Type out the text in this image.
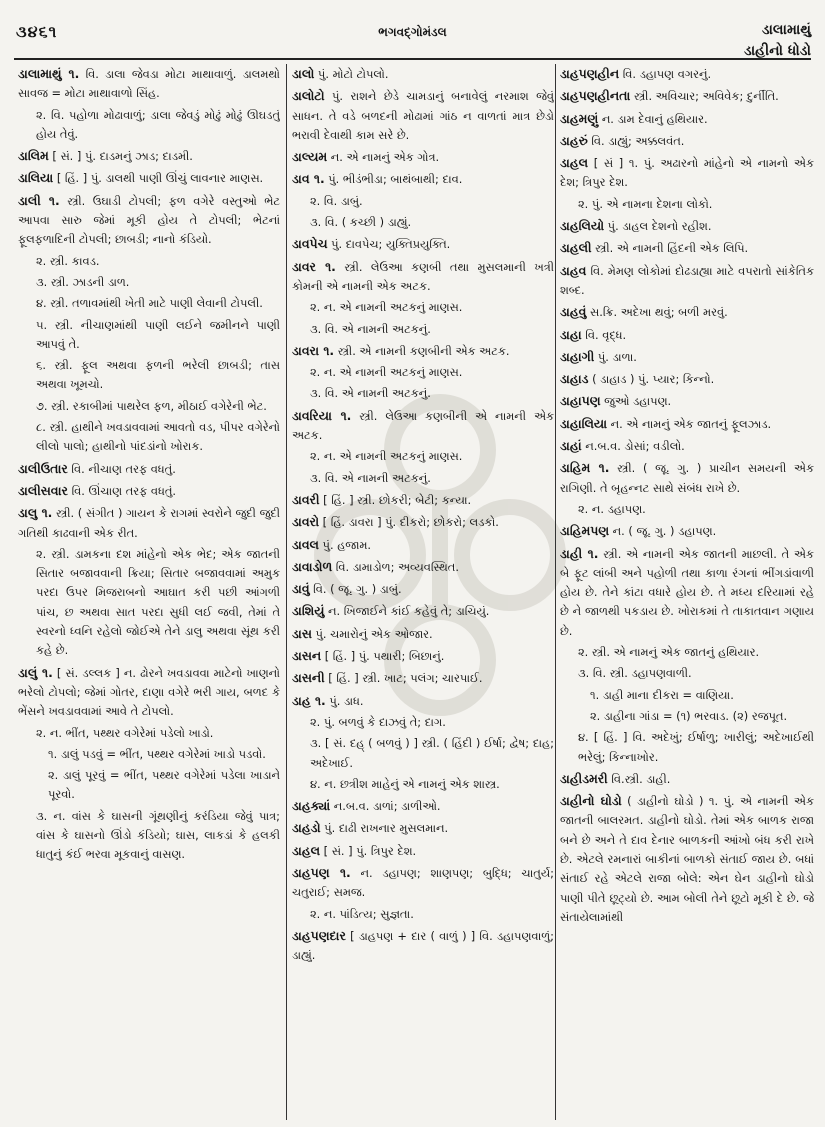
૩૪૬૧	ભગવદ્ગોમંડલ	ડાલામાથું
ડાહીનો ધોડો
ડાલામાથું ૧. વિ. ડાલા જેવડા મોટા માથાવાળું. ડાલમથો સાવજ = મોટા માથાવાળો સિંહ.
૨. વિ. પહોળા મોઢાવાળું; ડાલા જેવડું મોઢું મોઢું ઊઘડતું હોય તેવું.
ડાલિમ [ સં. ] પું. દાડમનું ઝાડ; દાડમી.
ડાલિયા [ હિં. ] પું. ડાલથી પાણી ઊંચું લાવનાર માણસ.
ડાલી ૧. સ્ત્રી. ઉઘાડી ટોપલી; ફળ વગેરે વસ્તુઓ ભેટ આપવા સારુ જેમાં મૂકી હોય તે ટોપલી; ભેટનાં ફૂલફળાદિની ટોપલી; છાબડી; નાનો કંડિયો.
૨. સ્ત્રી. કાવડ.
૩. સ્ત્રી. ઝાડની ડાળ.
૪. સ્ત્રી. તળાવમાંથી ખેતી માટે પાણી લેવાની ટોપલી.
૫. સ્ત્રી. નીચાણમાંથી પાણી લઈને જમીનને પાણી આપવું તે.
૬. સ્ત્રી. ફૂલ અથવા ફળની ભરેલી છાબડી; તાસ અથવા ખૂમચો.
૭. સ્ત્રી. રકાબીમાં પાથરેલ ફળ, મીઠાઈ વગેરેની ભેટ.
૮. સ્ત્રી. હાથીને ખવડાવવામાં આવતો વડ, પીપર વગેરેનો લીલો પાલો; હાથીનો પાંદડાંનો ખોરાક.
ડાલીઉતાર વિ. નીચાણ તરફ વધતું.
ડાલીસવાર વિ. ઊંચાણ તરફ વધતું.
ડાલુ ૧. સ્ત્રી. ( સંગીત ) ગાયન કે રાગમાં સ્વરોને જુદી જુદી ગતિથી કાઢવાની એક રીત.
૨. સ્ત્રી. ડામકના દશ માંહેનો એક ભેદ; એક જાતની સિતાર બજાવવાની ક્રિયા; સિતાર બજાવવામાં અમુક પરદા ઉપર મિજરાબનો આઘાત કરી પછી આંગળી પાંચ, છ અથવા સાત પરદા સુધી લઈ જવી, તેમાં તે સ્વરનો ધ્વનિ રહેલો જોઈએ તેને ડાલુ અથવા સૂંથ કરી કહે છે.
ડાલું ૧. [ સં. ડલ્લક ] ન. ઢોરને ખવડાવવા માટેનો ખાણનો ભરેલો ટોપલો; જેમાં ગોતર, દાણા વગેરે ભરી ગાય, બળદ કે ભેંસને ખવડાવવામાં આવે તે ટોપલો.
૨. ન. ભીંત, પથ્થર વગેરેમાં પડેલો ખાડો.
૧. ડાલું પડવું = ભીંત, પથ્થર વગેરેમાં ખાડો પડવો.
૨. ડાલું પૂરવું = ભીંત, પથ્થર વગેરેમાં પડેલા ખાડાને પૂરવો.
૩. ન. વાંસ કે ઘાસની ગૂંથણીનું કરંડિયા જેવું પાત્ર; વાંસ કે ઘાસનો ઊંડો કંડિયો; ઘાસ, લાકડાં કે હલકી ધાતુનું કંઈ ભરવા મૂકવાનું વાસણ.
ડાલો પું. મોટો ટોપલો.
ડાલોટો પું. રાશને છેડે ચામડાનું બનાવેલું નરમાશ જેવું સાધન. તે વડે બળદની મોઢામાં ગાંઠ ન વાળતાં માત્ર છેડો ભરાવી દેવાથી કામ સરે છે.
ડાલ્યમ ન. એ નામનું એક ગોત્ર.
ડાવ ૧. પું. ભીડંભીડા; બાથંબાથી; દાવ.
૨. વિ. ડાબું.
૩. વિ. ( કચ્છી ) ડાહ્યું.
ડાવપેચ પું. દાવપેચ; યુક્તિપ્રયુક્તિ.
ડાવર ૧. સ્ત્રી. લેઉઆ કણબી તથા મુસલમાની ખત્રી કોમની એ નામની એક અટક.
૨. ન. એ નામની અટકનું માણસ.
૩. વિ. એ નામની અટકનું.
ડાવરા ૧. સ્ત્રી. એ નામની કણબીની એક અટક.
૨. ન. એ નામની અટકનું માણસ.
૩. વિ. એ નામની અટકનું.
ડાવરિયા ૧. સ્ત્રી. લેઉઆ કણબીની એ નામની એક અટક.
૨. ન. એ નામની અટકનું માણસ.
૩. વિ. એ નામની અટકનું.
ડાવરી [ હિં. ] સ્ત્રી. છોકરી; બેટી; કન્યા.
ડાવરો [ હિં. ડાવરા ] પું. દીકરો; છોકરો; લડકો.
ડાવલ પું. હજામ.
ડાવાડોળ વિ. ડામાડોળ; અવ્યવસ્થિત.
ડાવું વિ. ( જૂ. ગુ. ) ડાબું.
ડાશિયું ન. ખિજાઈને કાંઈ કહેવું તે; ડાચિયું.
ડાસ પું. ચમારોનું એક ઓજાર.
ડાસન [ હિં. ] પું. પથારી; બિછાનું.
ડાસની [ હિં. ] સ્ત્રી. ખાટ; પલંગ; ચારપાઈ.
ડાહ ૧. પું. ડાધ.
૨. પું. બળવું કે દાઝવું તે; દાગ.
૩. [ સં. દહ્ ( બળવું ) ] સ્ત્રી. ( હિંદી ) ઈર્ષા; દ્વેષ; દાહ; અદેખાઈ.
૪. ન. છત્રીશ માહેનું એ નામનું એક શાસ્ત્ર.
ડાહક્યાં ન.બ.વ. ડાળાં; ડાળીઓ.
ડાહડો પું. દાઢી રાખનાર મુસલમાન.
ડાહલ [ સં. ] પું. ત્રિપુર દેશ.
ડાહપણ ૧. ન. ડહાપણ; શાણપણ; બુદ્ધિ; ચાતુર્ય; ચતુરાઈ; સમજ.
૨. ન. પાંડિત્ય; સુજ્ઞતા.
ડાહપણદાર [ ડાહપણ + દાર ( વાળું ) ] વિ. ડહાપણવાળું; ડાહ્યું.
ડાહપણહીન વિ. ડહાપણ વગરનું.
ડાહપણહીનતા સ્ત્રી. અવિચાર; અવિવેક; દુર્નીતિ.
ડાહમણું ન. ડામ દેવાનું હથિયાર.
ડાહરું વિ. ડાહ્યું; અક્કલવંત.
ડાહલ [ સં ] ૧. પું. અઢારનો માંહેનો એ નામનો એક દેશ; ત્રિપુર દેશ.
૨. પું. એ નામના દેશના લોકો.
ડાહલિયો પું. ડાહલ દેશનો રહીશ.
ડાહલી સ્ત્રી. એ નામની હિંદની એક લિપિ.
ડાહવ વિ. મેમણ લોકોમાં દોઢડાહ્યા માટે વપરાતો સાંકેતિક શબ્દ.
ડાહવું સ.ક્રિ. અદેખા થવું; બળી મરવું.
ડાહા વિ. વૃદ્ધ.
ડાહાગી પું. ડાળા.
ડાહાડ ( ડાહાડ ) પું. પ્યાર; કિન્નો.
ડાહાપણ જુઓ ડહાપણ.
ડાહાલિયા ન. એ નામનું એક જાતનું ફૂલઝાડ.
ડાહાં ન.બ.વ. ડોસાં; વડીલો.
ડાહિમ ૧. સ્ત્રી. ( જૂ. ગુ. ) પ્રાચીન સમયની એક રાગિણી. તે બૃહન્નટ સાથે સંબંધ રાખે છે.
૨. ન. ડહાપણ.
ડાહિમપણ ન. ( જૂ. ગુ. ) ડહાપણ.
ડાહી ૧. સ્ત્રી. એ નામની એક જાતની માછલી. તે એક બે ફૂટ લાંબી અને પહોળી તથા કાળા રંગનાં ભીંગડાંવાળી હોય છે. તેને કાંટા વધારે હોય છે. તે મધ્ય દરિયામાં રહે છે ને જાળથી પકડાય છે. ખોરાકમાં તે તાકાતવાન ગણાય છે.
૨. સ્ત્રી. એ નામનું એક જાતનું હથિયાર.
૩. વિ. સ્ત્રી. ડહાપણવાળી.
૧. ડાહી માના દીકરા = વાણિયા.
૨. ડાહીના ગાંડા = (૧) ભરવાડ. (૨) રજપૂત.
૪. [ હિં. ] વિ. અદેખું; ઈર્ષાળુ; ખારીલું; અદેખાઈથી ભરેલું; કિન્નાખોર.
ડાહીડમરી વિ.સ્ત્રી. ડાહી.
ડાહીનો ઘોડો ( ડાહીનો ઘોડો ) ૧. પું. એ નામની એક જાતની બાલરમત. ડાહીનો ઘોડો. તેમાં એક બાળક રાજા બને છે અને તે દાવ દેનાર બાળકની આંખો બંધ કરી રાખે છે. એટલે રમનારાં બાકીનાં બાળકો સંતાઈ જાય છે. બધાં સંતાઈ રહે એટલે રાજા બોલે: એન ઘેન ડાહીનો ઘોડો પાણી પીતે છૂટ્યો છે. આમ બોલી તેને છૂટો મૂકી દે છે. જે સંતાયેલામાંથી
